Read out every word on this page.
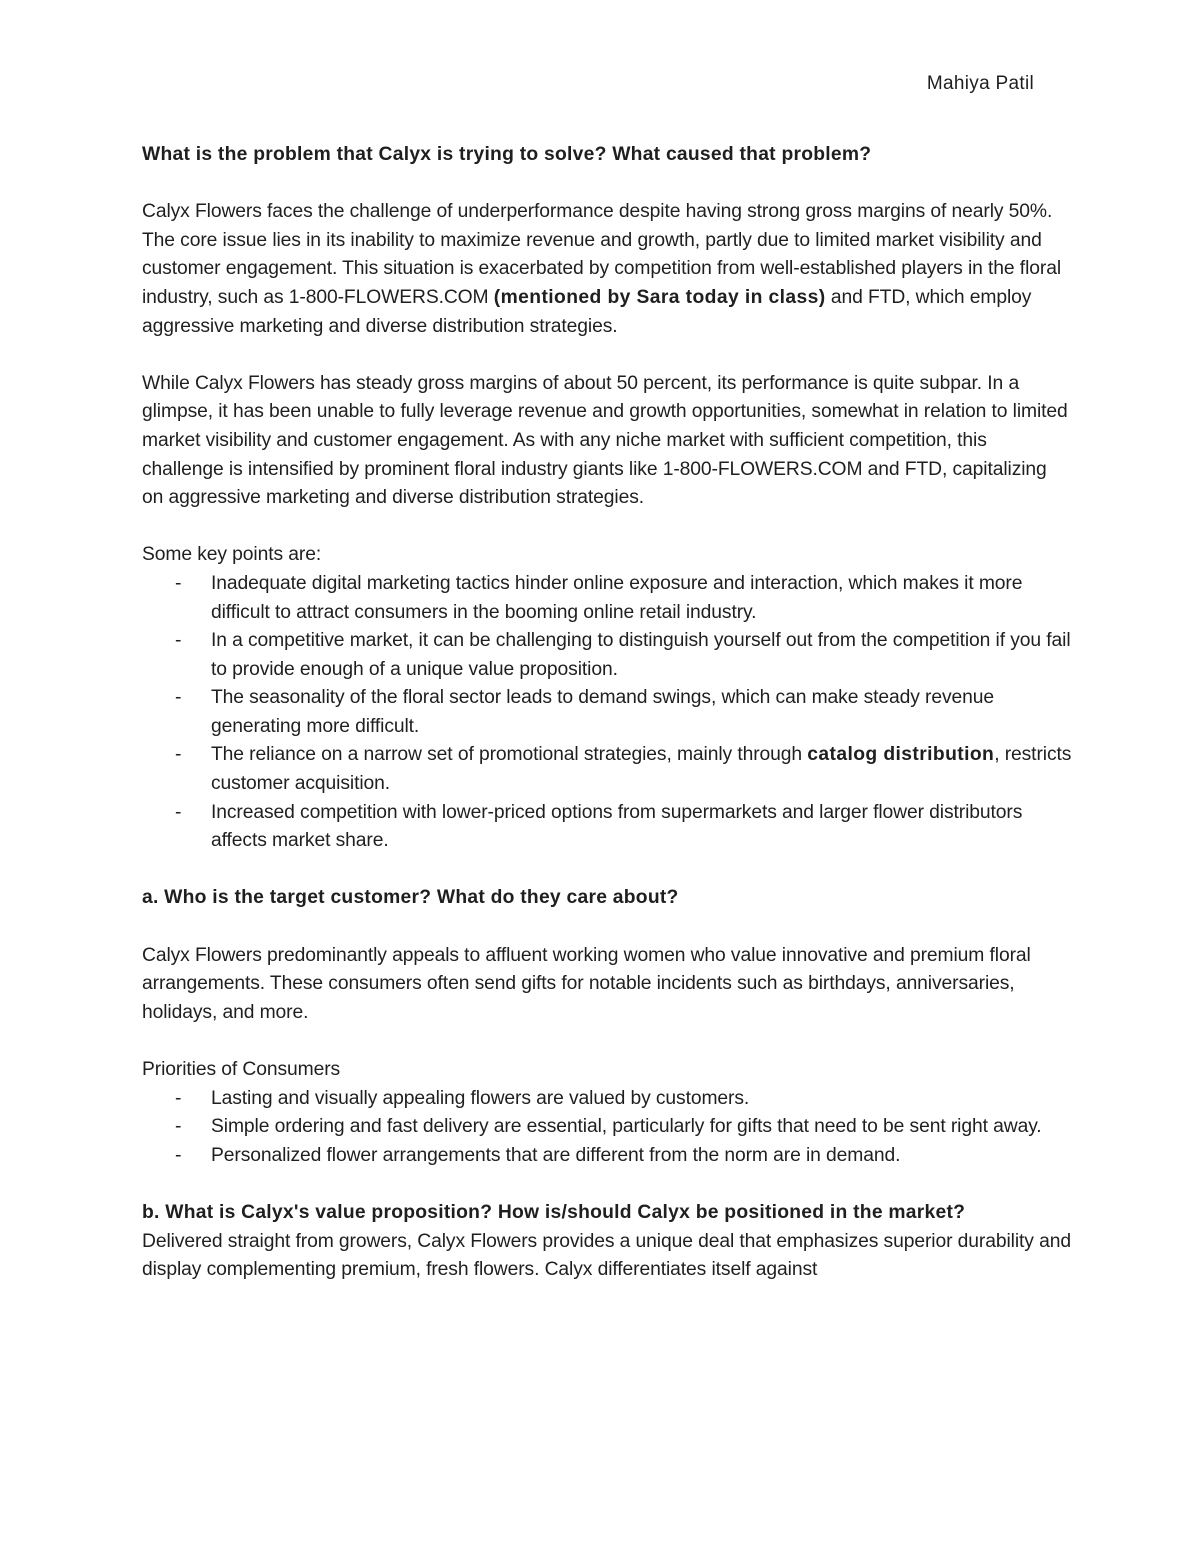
Mahiya Patil
What is the problem that Calyx is trying to solve? What caused that problem?

Calyx Flowers faces the challenge of underperformance despite having strong gross margins of nearly 50%. The core issue lies in its inability to maximize revenue and growth, partly due to limited market visibility and customer engagement. This situation is exacerbated by competition from well-established players in the floral industry, such as 1-800-FLOWERS.COM (mentioned by Sara today in class) and FTD, which employ aggressive marketing and diverse distribution strategies.

While Calyx Flowers has steady gross margins of about 50 percent, its performance is quite subpar. In a glimpse, it has been unable to fully leverage revenue and growth opportunities, somewhat in relation to limited market visibility and customer engagement. As with any niche market with sufficient competition, this challenge is intensified by prominent floral industry giants like 1-800-FLOWERS.COM and FTD, capitalizing on aggressive marketing and diverse distribution strategies.

Some key points are:

- Inadequate digital marketing tactics hinder online exposure and interaction, which makes it more difficult to attract consumers in the booming online retail industry.
- In a competitive market, it can be challenging to distinguish yourself out from the competition if you fail to provide enough of a unique value proposition.
- The seasonality of the floral sector leads to demand swings, which can make steady revenue generating more difficult.
- The reliance on a narrow set of promotional strategies, mainly through catalog distribution, restricts customer acquisition.
- Increased competition with lower-priced options from supermarkets and larger flower distributors affects market share.
a. Who is the target customer? What do they care about?

Calyx Flowers predominantly appeals to affluent working women who value innovative and premium floral arrangements. These consumers often send gifts for notable incidents such as birthdays, anniversaries, holidays, and more.

Priorities of Consumers

- Lasting and visually appealing flowers are valued by customers.
- Simple ordering and fast delivery are essential, particularly for gifts that need to be sent right away.
- Personalized flower arrangements that are different from the norm are in demand.
b. What is Calyx's value proposition? How is/should Calyx be positioned in the market?

Delivered straight from growers, Calyx Flowers provides a unique deal that emphasizes superior durability and display complementing premium, fresh flowers. Calyx differentiates itself against
